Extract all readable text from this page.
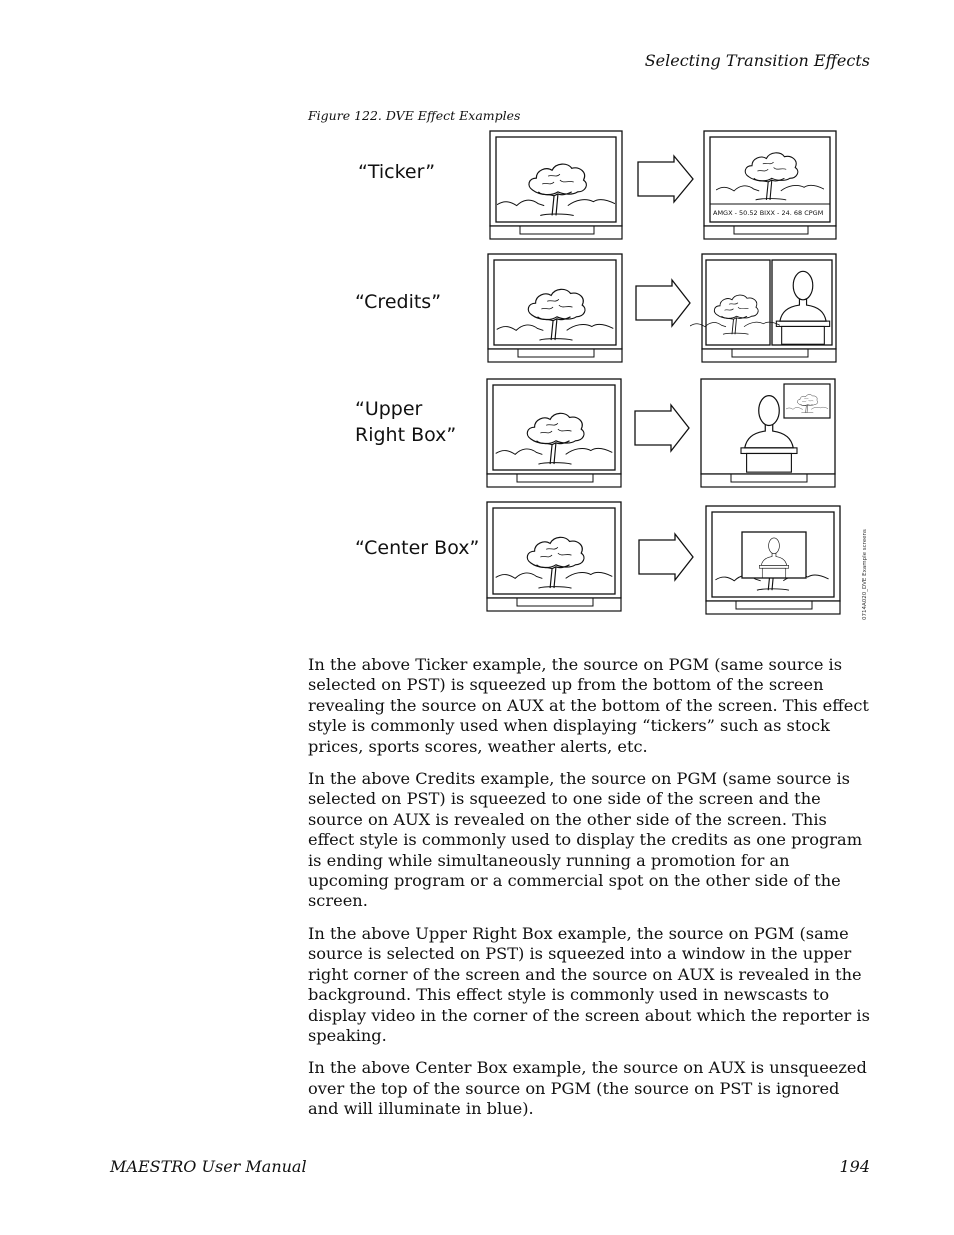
Selecting Transition Effects
Figure 122. DVE Effect Examples
“Ticker”
“Credits”
“Upper
Right Box”
“Center Box”
AMGX - 50.52 BIXX - 24. 68 CPGM
0714A020_DVE Example screens

In the above Ticker example, the source on PGM (same source is selected on PST) is squeezed up from the bottom of the screen revealing the source on AUX at the bottom of the screen. This effect style is commonly used when displaying “tickers” such as stock prices, sports scores, weather alerts, etc.

In the above Credits example, the source on PGM (same source is selected on PST) is squeezed to one side of the screen and the source on AUX is revealed on the other side of the screen. This effect style is commonly used to display the credits as one program is ending while simultaneously running a promotion for an upcoming program or a commercial spot on the other side of the screen.

In the above Upper Right Box example, the source on PGM (same source is selected on PST) is squeezed into a window in the upper right corner of the screen and the source on AUX is revealed in the background. This effect style is commonly used in newscasts to display video in the corner of the screen about which the reporter is speaking.

In the above Center Box example, the source on AUX is unsqueezed over the top of the source on PGM (the source on PST is ignored and will illuminate in blue).

MAESTRO User Manual	194
